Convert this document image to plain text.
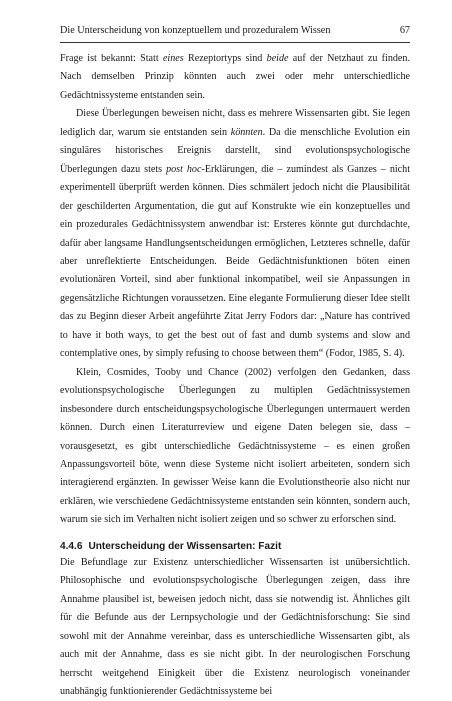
Die Unterscheidung von konzeptuellem und prozeduralem Wissen	67

Frage ist bekannt: Statt eines Rezeptortyps sind beide auf der Netzhaut zu finden. Nach demselben Prinzip könnten auch zwei oder mehr unterschiedliche Gedächtnissysteme entstanden sein.

Diese Überlegungen beweisen nicht, dass es mehrere Wissensarten gibt. Sie legen lediglich dar, warum sie entstanden sein könnten. Da die menschliche Evolution ein singuläres historisches Ereignis darstellt, sind evolutionspsychologische Überlegungen dazu stets post hoc-Erklärungen, die – zumindest als Ganzes – nicht experimentell überprüft werden können. Dies schmälert jedoch nicht die Plausibilität der geschilderten Argumentation, die gut auf Konstrukte wie ein konzeptuelles und ein prozedurales Gedächtnissystem anwendbar ist: Ersteres könnte gut durchdachte, dafür aber langsame Handlungsentscheidungen ermöglichen, Letzteres schnelle, dafür aber unreflektierte Entscheidungen. Beide Gedächtnisfunktionen böten einen evolutionären Vorteil, sind aber funktional inkompatibel, weil sie Anpassungen in gegensätzliche Richtungen voraussetzen. Eine elegante Formulierung dieser Idee stellt das zu Beginn dieser Arbeit angeführte Zitat Jerry Fodors dar: „Nature has contrived to have it both ways, to get the best out of fast and dumb systems and slow and contemplative ones, by simply refusing to choose between them“ (Fodor, 1985, S. 4).

Klein, Cosmides, Tooby und Chance (2002) verfolgen den Gedanken, dass evolutionspsychologische Überlegungen zu multiplen Gedächtnissystemen insbesondere durch entscheidungspsychologische Überlegungen untermauert werden können. Durch einen Literaturreview und eigene Daten belegen sie, dass – vorausgesetzt, es gibt unterschiedliche Gedächtnissysteme – es einen großen Anpassungsvorteil böte, wenn diese Systeme nicht isoliert arbeiteten, sondern sich interagierend ergänzten. In gewisser Weise kann die Evolutionstheorie also nicht nur erklären, wie verschiedene Gedächtnissysteme entstanden sein könnten, sondern auch, warum sie sich im Verhalten nicht isoliert zeigen und so schwer zu erforschen sind.

4.4.6 Unterscheidung der Wissensarten: Fazit

Die Befundlage zur Existenz unterschiedlicher Wissensarten ist unübersichtlich. Philosophische und evolutionspsychologische Überlegungen zeigen, dass ihre Annahme plausibel ist, beweisen jedoch nicht, dass sie notwendig ist. Ähnliches gilt für die Befunde aus der Lernpsychologie und der Gedächtnisforschung: Sie sind sowohl mit der Annahme vereinbar, dass es unterschiedliche Wissensarten gibt, als auch mit der Annahme, dass es sie nicht gibt. In der neurologischen Forschung herrscht weitgehend Einigkeit über die Existenz neurologisch voneinander unabhängig funktionierender Gedächtnissysteme bei
